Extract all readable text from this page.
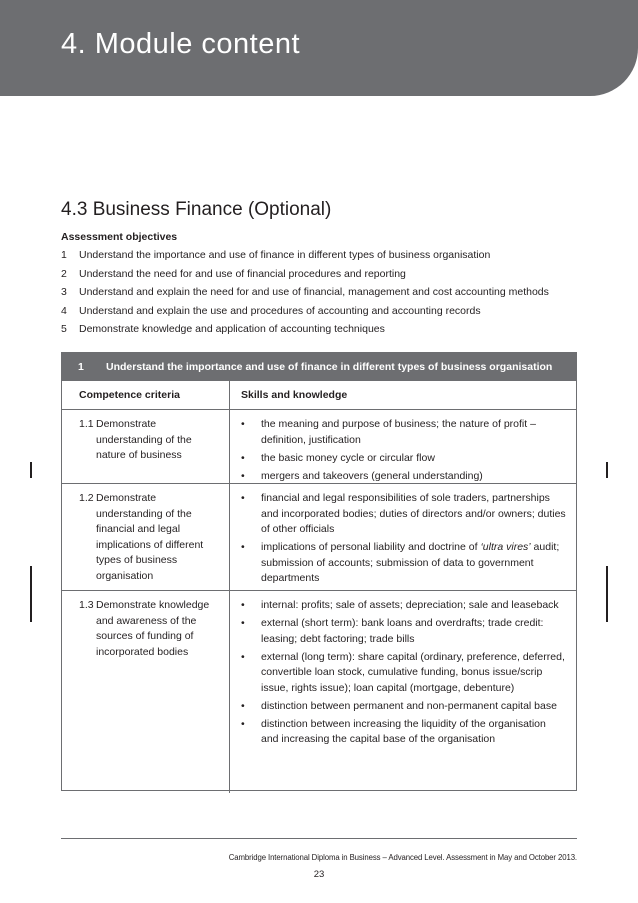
4. Module content
4.3 Business Finance (Optional)
Assessment objectives
1 Understand the importance and use of finance in different types of business organisation
2 Understand the need for and use of financial procedures and reporting
3 Understand and explain the need for and use of financial, management and cost accounting methods
4 Understand and explain the use and procedures of accounting and accounting records
5 Demonstrate knowledge and application of accounting techniques
1 Understand the importance and use of finance in different types of business organisation
Competence criteria	Skills and knowledge
1.1 Demonstrate understanding of the nature of business
•	the meaning and purpose of business; the nature of profit – definition, justification
•	the basic money cycle or circular flow
•	mergers and takeovers (general understanding)
1.2 Demonstrate understanding of the financial and legal implications of different types of business organisation
•	financial and legal responsibilities of sole traders, partnerships and incorporated bodies; duties of directors and/or owners; duties of other officials
•	implications of personal liability and doctrine of ‘ultra vires’ audit; submission of accounts; submission of data to government departments
1.3 Demonstrate knowledge and awareness of the sources of funding of incorporated bodies
•	internal: profits; sale of assets; depreciation; sale and leaseback
•	external (short term): bank loans and overdrafts; trade credit: leasing; debt factoring; trade bills
•	external (long term): share capital (ordinary, preference, deferred, convertible loan stock, cumulative funding, bonus issue/scrip issue, rights issue); loan capital (mortgage, debenture)
•	distinction between permanent and non-permanent capital base
•	distinction between increasing the liquidity of the organisation and increasing the capital base of the organisation
Cambridge International Diploma in Business – Advanced Level. Assessment in May and October 2013.
23
